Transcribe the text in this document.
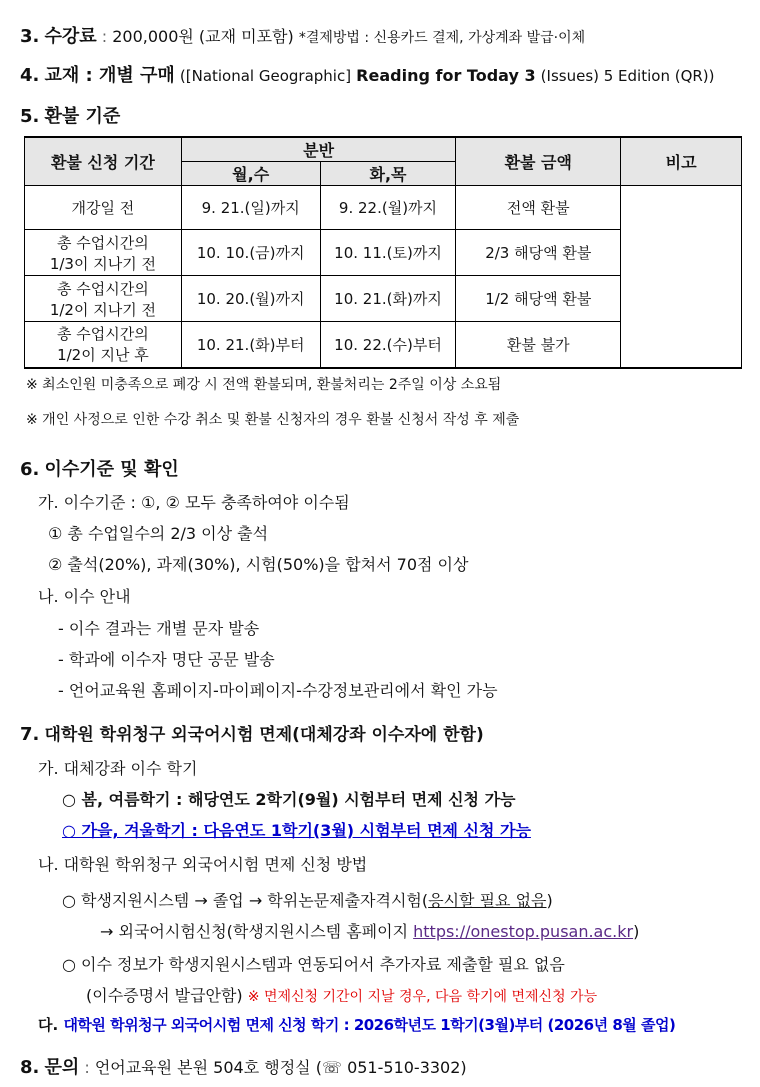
3. 수강료 : 200,000원 (교재 미포함) *결제방법 : 신용카드 결제, 가상계좌 발급·이체
4. 교재 : 개별 구매 ([National Geographic] Reading for Today 3 (Issues) 5 Edition (QR))
5. 환불 기준
환불 신청 기간	분반		환불 금액	비고
	월,수	화,목		
개강일 전	9. 21.(일)까지	9. 22.(월)까지	전액 환불	
총 수업시간의
1/3이 지나기 전	10. 10.(금)까지	10. 11.(토)까지	2/3 해당액 환불	
총 수업시간의
1/2이 지나기 전	10. 20.(월)까지	10. 21.(화)까지	1/2 해당액 환불	
총 수업시간의
1/2이 지난 후	10. 21.(화)부터	10. 22.(수)부터	환불 불가	
※ 최소인원 미충족으로 폐강 시 전액 환불되며, 환불처리는 2주일 이상 소요됨
※ 개인 사정으로 인한 수강 취소 및 환불 신청자의 경우 환불 신청서 작성 후 제출
6. 이수기준 및 확인
가. 이수기준 : ①, ② 모두 충족하여야 이수됨
① 총 수업일수의 2/3 이상 출석
② 출석(20%), 과제(30%), 시험(50%)을 합쳐서 70점 이상
나. 이수 안내
- 이수 결과는 개별 문자 발송
- 학과에 이수자 명단 공문 발송
- 언어교육원 홈페이지-마이페이지-수강정보관리에서 확인 가능
7. 대학원 학위청구 외국어시험 면제(대체강좌 이수자에 한함)
가. 대체강좌 이수 학기
○ 봄, 여름학기 : 해당연도 2학기(9월) 시험부터 면제 신청 가능
○ 가을, 겨울학기 : 다음연도 1학기(3월) 시험부터 면제 신청 가능
나. 대학원 학위청구 외국어시험 면제 신청 방법
○ 학생지원시스템 → 졸업 → 학위논문제출자격시험(응시할 필요 없음)
→ 외국어시험신청(학생지원시스템 홈페이지 https://onestop.pusan.ac.kr)
○ 이수 정보가 학생지원시스템과 연동되어서 추가자료 제출할 필요 없음
(이수증명서 발급안함) ※ 면제신청 기간이 지날 경우, 다음 학기에 면제신청 가능
다. 대학원 학위청구 외국어시험 면제 신청 학기 : 2026학년도 1학기(3월)부터 (2026년 8월 졸업)
8. 문의 : 언어교육원 본원 504호 행정실 (☏ 051-510-3302)
